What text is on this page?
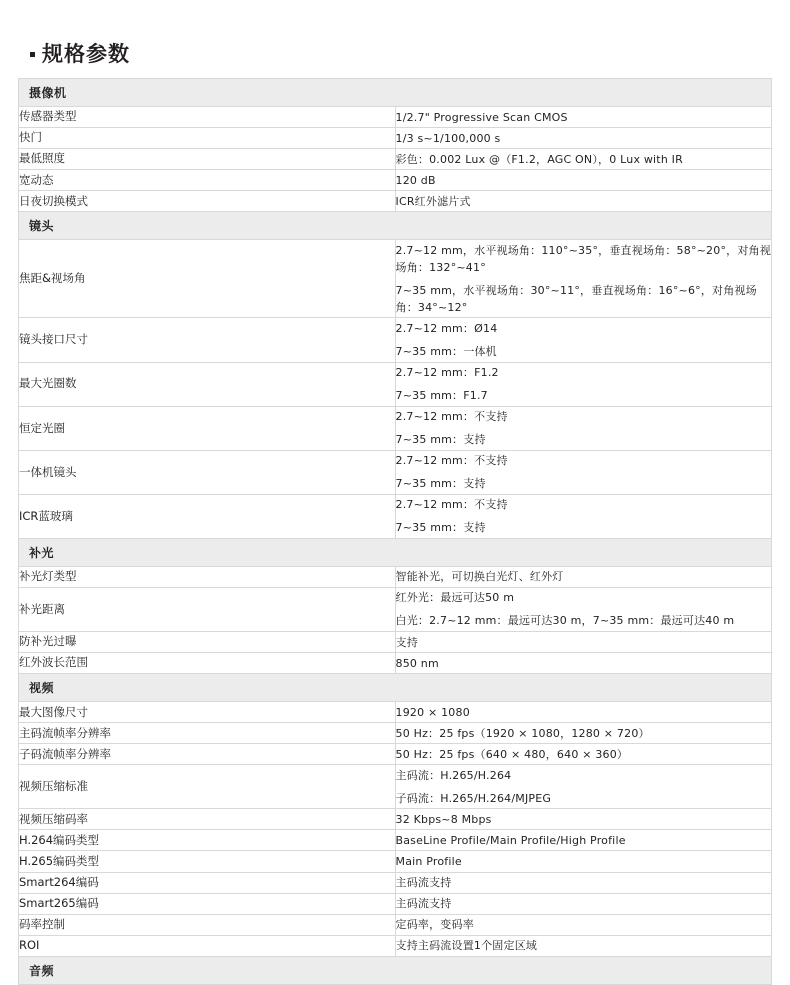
规格参数
摄像机	
传感器类型	1/2.7" Progressive Scan CMOS

快门	1/3 s~1/100,000 s

最低照度	彩色：0.002 Lux @（F1.2，AGC ON），0 Lux with IR

宽动态	120 dB

日夜切换模式	ICR红外滤片式

镜头	
焦距&视场角	2.7~12 mm，水平视场角：110°~35°，垂直视场角：58°~20°，对角视场角：132°~41°
7~35 mm，水平视场角：30°~11°，垂直视场角：16°~6°，对角视场角：34°~12°

镜头接口尺寸	2.7~12 mm：Ø14
7~35 mm：一体机

最大光圈数	2.7~12 mm：F1.2
7~35 mm：F1.7

恒定光圈	2.7~12 mm：不支持
7~35 mm：支持

一体机镜头	2.7~12 mm：不支持
7~35 mm：支持

ICR蓝玻璃	2.7~12 mm：不支持
7~35 mm：支持

补光	
补光灯类型	智能补光，可切换白光灯、红外灯

补光距离	红外光：最远可达50 m
白光：2.7~12 mm：最远可达30 m，7~35 mm：最远可达40 m

防补光过曝	支持

红外波长范围	850 nm

视频	
最大图像尺寸	1920 × 1080

主码流帧率分辨率	50 Hz：25 fps（1920 × 1080，1280 × 720）

子码流帧率分辨率	50 Hz：25 fps（640 × 480，640 × 360）

视频压缩标准	主码流：H.265/H.264
子码流：H.265/H.264/MJPEG

视频压缩码率	32 Kbps~8 Mbps

H.264编码类型	BaseLine Profile/Main Profile/High Profile

H.265编码类型	Main Profile

Smart264编码	主码流支持

Smart265编码	主码流支持

码率控制	定码率，变码率

ROI	支持主码流设置1个固定区域

音频	
